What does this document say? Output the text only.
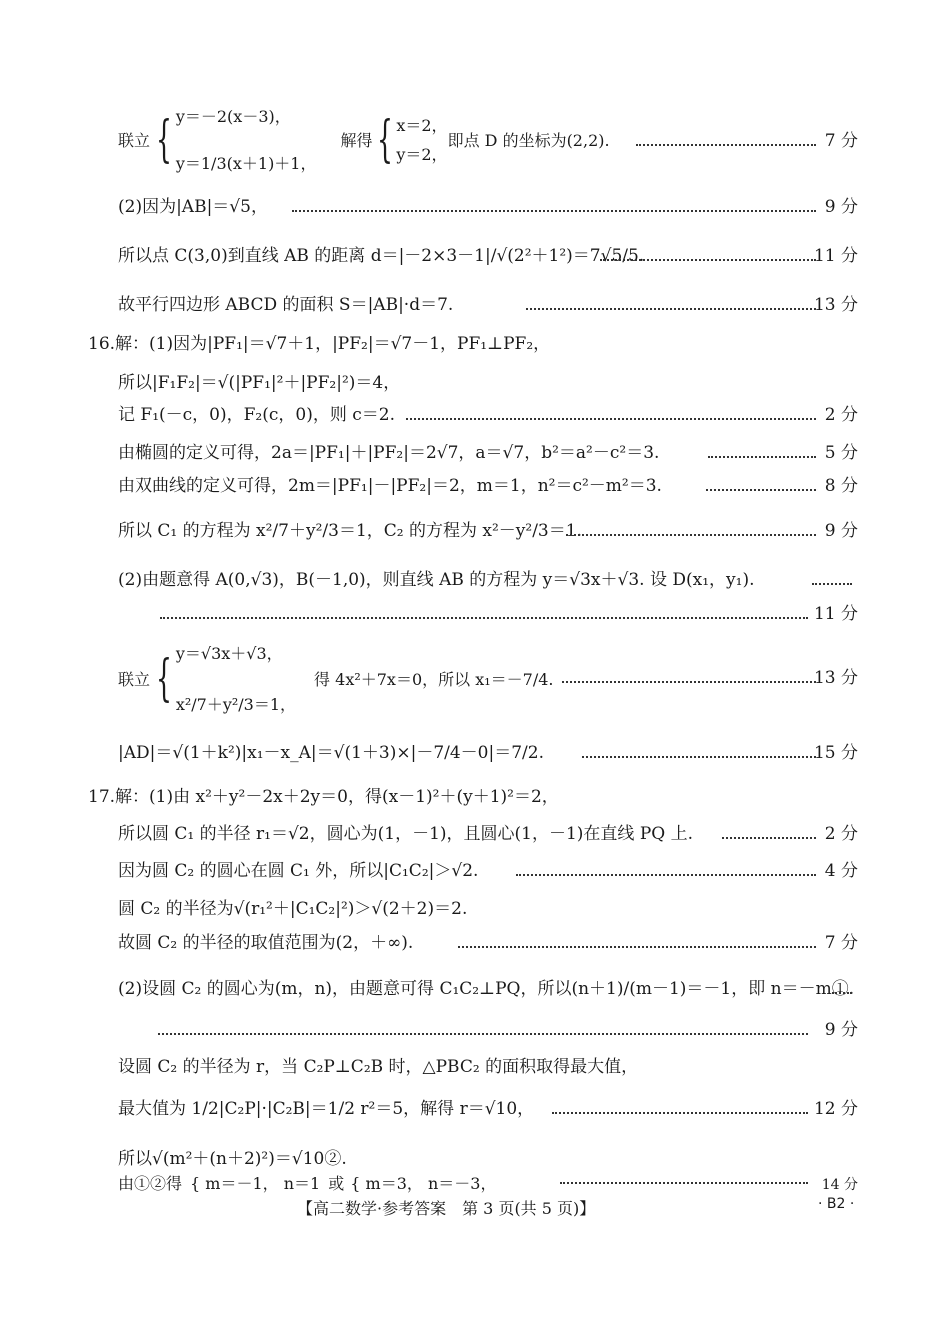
联立 { y＝－2(x－3)，
y＝1/3(x＋1)＋1，
解得 { x＝2，
y＝2，
即点 D 的坐标为(2,2).	7 分
(2)因为|AB|＝√5，	9 分
所以点 C(3,0)到直线 AB 的距离 d＝|－2×3－1|/√(2²＋1²)＝7√5/5.	11 分
故平行四边形 ABCD 的面积 S＝|AB|·d＝7.	13 分
16.解：(1)因为|PF₁|＝√7＋1，|PF₂|＝√7－1，PF₁⊥PF₂，
所以|F₁F₂|＝√(|PF₁|²＋|PF₂|²)＝4，
记 F₁(－c，0)，F₂(c，0)，则 c＝2.	2 分
由椭圆的定义可得，2a＝|PF₁|＋|PF₂|＝2√7，a＝√7，b²＝a²－c²＝3.	5 分
由双曲线的定义可得，2m＝|PF₁|－|PF₂|＝2，m＝1，n²＝c²－m²＝3.	8 分
所以 C₁ 的方程为 x²/7＋y²/3＝1，C₂ 的方程为 x²－y²/3＝1.	9 分
(2)由题意得 A(0,√3)，B(－1,0)，则直线 AB 的方程为 y＝√3x＋√3. 设 D(x₁，y₁).
11 分
联立 { y＝√3x＋√3，
x²/7＋y²/3＝1，
得 4x²＋7x＝0，所以 x₁＝－7/4.	13 分
|AD|＝√(1＋k²)|x₁－x_A|＝√(1＋3)×|－7/4－0|＝7/2.	15 分
17.解：(1)由 x²＋y²－2x＋2y＝0，得(x－1)²＋(y＋1)²＝2，
所以圆 C₁ 的半径 r₁＝√2，圆心为(1，－1)，且圆心(1，－1)在直线 PQ 上.	2 分
因为圆 C₂ 的圆心在圆 C₁ 外，所以|C₁C₂|＞√2.	4 分
圆 C₂ 的半径为√(r₁²＋|C₁C₂|²)＞√(2＋2)＝2.
故圆 C₂ 的半径的取值范围为(2，＋∞).	7 分
(2)设圆 C₂ 的圆心为(m，n)，由题意可得 C₁C₂⊥PQ，所以(n＋1)/(m－1)＝－1，即 n＝－m①.
9 分
设圆 C₂ 的半径为 r，当 C₂P⊥C₂B 时，△PBC₂ 的面积取得最大值，
最大值为 1/2|C₂P|·|C₂B|＝1/2 r²＝5，解得 r＝√10，	12 分
所以√(m²＋(n＋2)²)＝√10②.
由①②得 { m＝－1， n＝1 或 { m＝3， n＝－3，	14 分
【高二数学·参考答案　第 3 页(共 5 页)】	· B2 ·
